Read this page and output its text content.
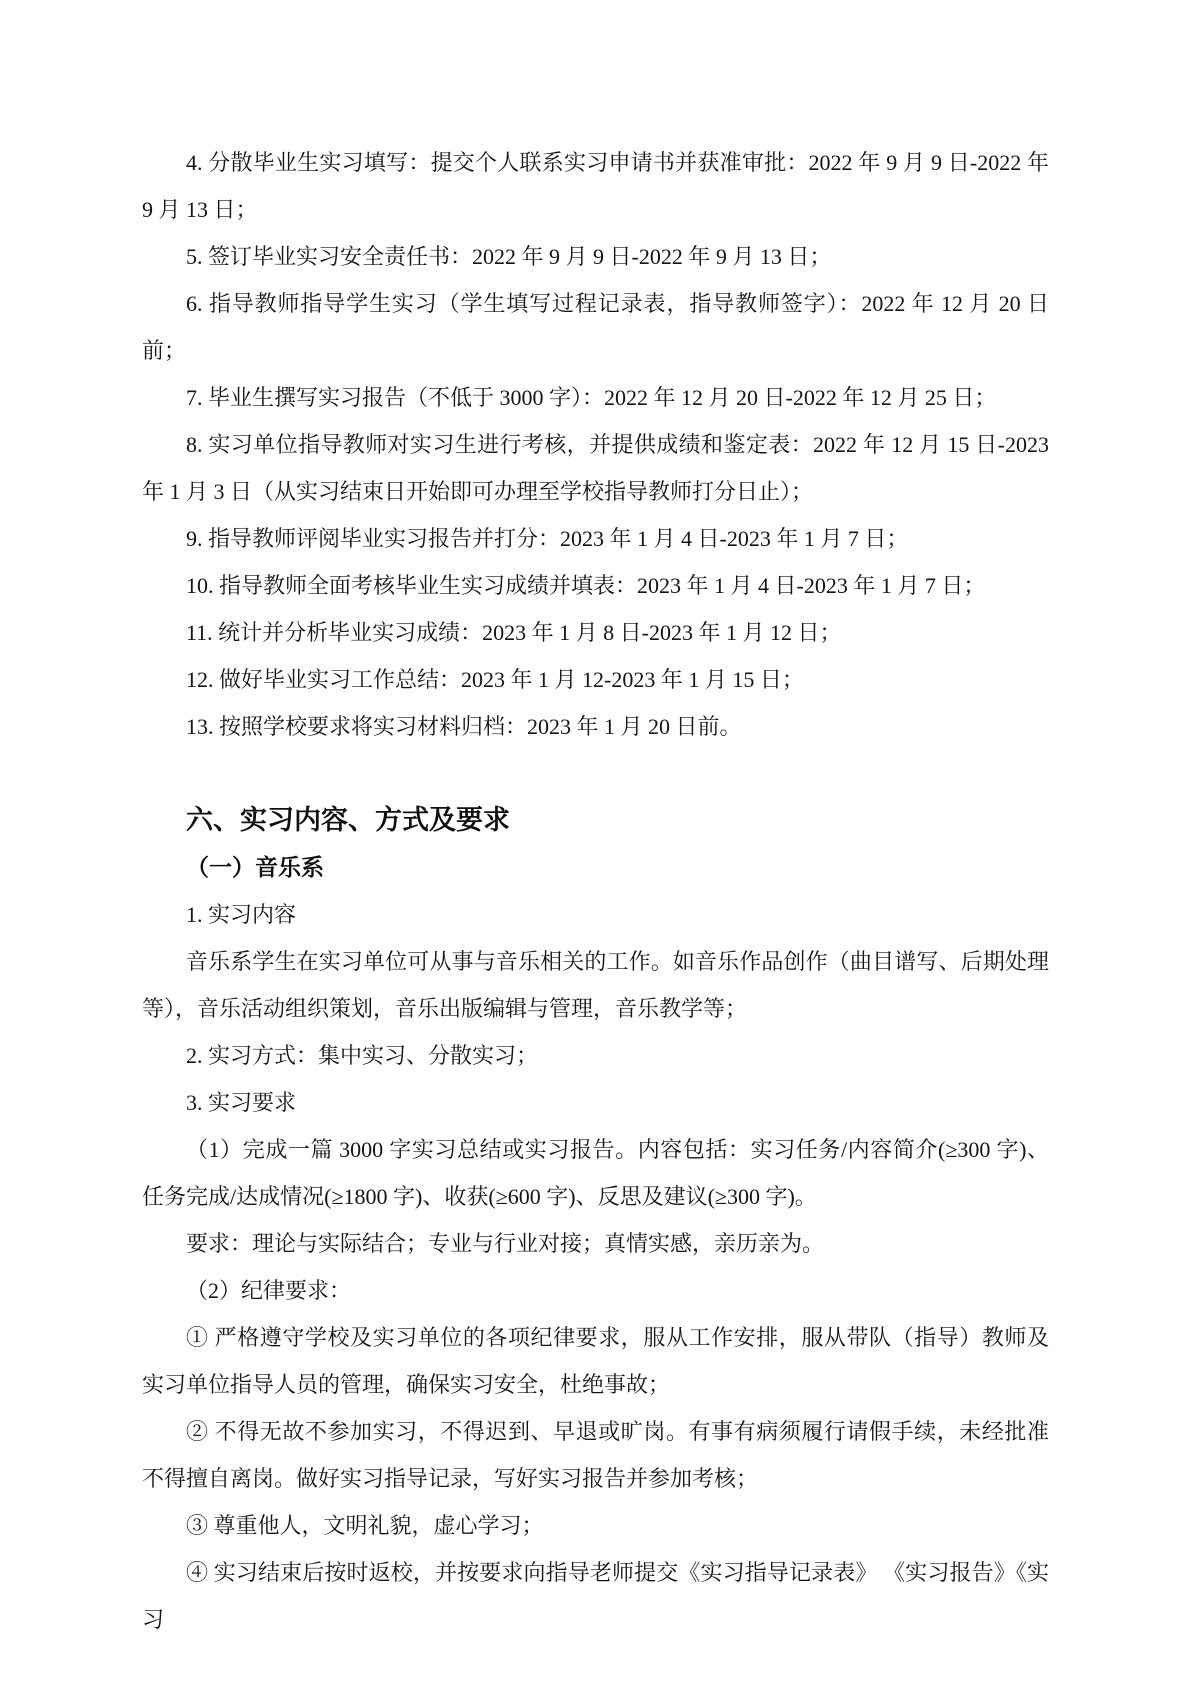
4. 分散毕业生实习填写：提交个人联系实习申请书并获准审批：2022 年 9 月 9 日-2022 年 9 月 13 日；

5. 签订毕业实习安全责任书：2022 年 9 月 9 日-2022 年 9 月 13 日；

6. 指导教师指导学生实习（学生填写过程记录表，指导教师签字）：2022 年 12 月 20 日前；

7. 毕业生撰写实习报告（不低于 3000 字）：2022 年 12 月 20 日-2022 年 12 月 25 日；

8. 实习单位指导教师对实习生进行考核，并提供成绩和鉴定表：2022 年 12 月 15 日-2023 年 1 月 3 日（从实习结束日开始即可办理至学校指导教师打分日止）；

9. 指导教师评阅毕业实习报告并打分：2023 年 1 月 4 日-2023 年 1 月 7 日；

10. 指导教师全面考核毕业生实习成绩并填表：2023 年 1 月 4 日-2023 年 1 月 7 日；

11. 统计并分析毕业实习成绩：2023 年 1 月 8 日-2023 年 1 月 12 日；

12. 做好毕业实习工作总结：2023 年 1 月 12-2023 年 1 月 15 日；

13. 按照学校要求将实习材料归档：2023 年 1 月 20 日前。

六、实习内容、方式及要求
（一）音乐系

1. 实习内容

音乐系学生在实习单位可从事与音乐相关的工作。如音乐作品创作（曲目谱写、后期处理等），音乐活动组织策划，音乐出版编辑与管理，音乐教学等；

2. 实习方式：集中实习、分散实习；

3. 实习要求

（1）完成一篇 3000 字实习总结或实习报告。内容包括：实习任务/内容简介(≥300 字)、任务完成/达成情况(≥1800 字)、收获(≥600 字)、反思及建议(≥300 字)。

要求：理论与实际结合；专业与行业对接；真情实感，亲历亲为。

（2）纪律要求：

① 严格遵守学校及实习单位的各项纪律要求，服从工作安排，服从带队（指导）教师及实习单位指导人员的管理，确保实习安全，杜绝事故；

② 不得无故不参加实习，不得迟到、早退或旷岗。有事有病须履行请假手续，未经批准不得擅自离岗。做好实习指导记录，写好实习报告并参加考核；

③ 尊重他人，文明礼貌，虚心学习；

④ 实习结束后按时返校，并按要求向指导老师提交《实习指导记录表》 《实习报告》《实习
